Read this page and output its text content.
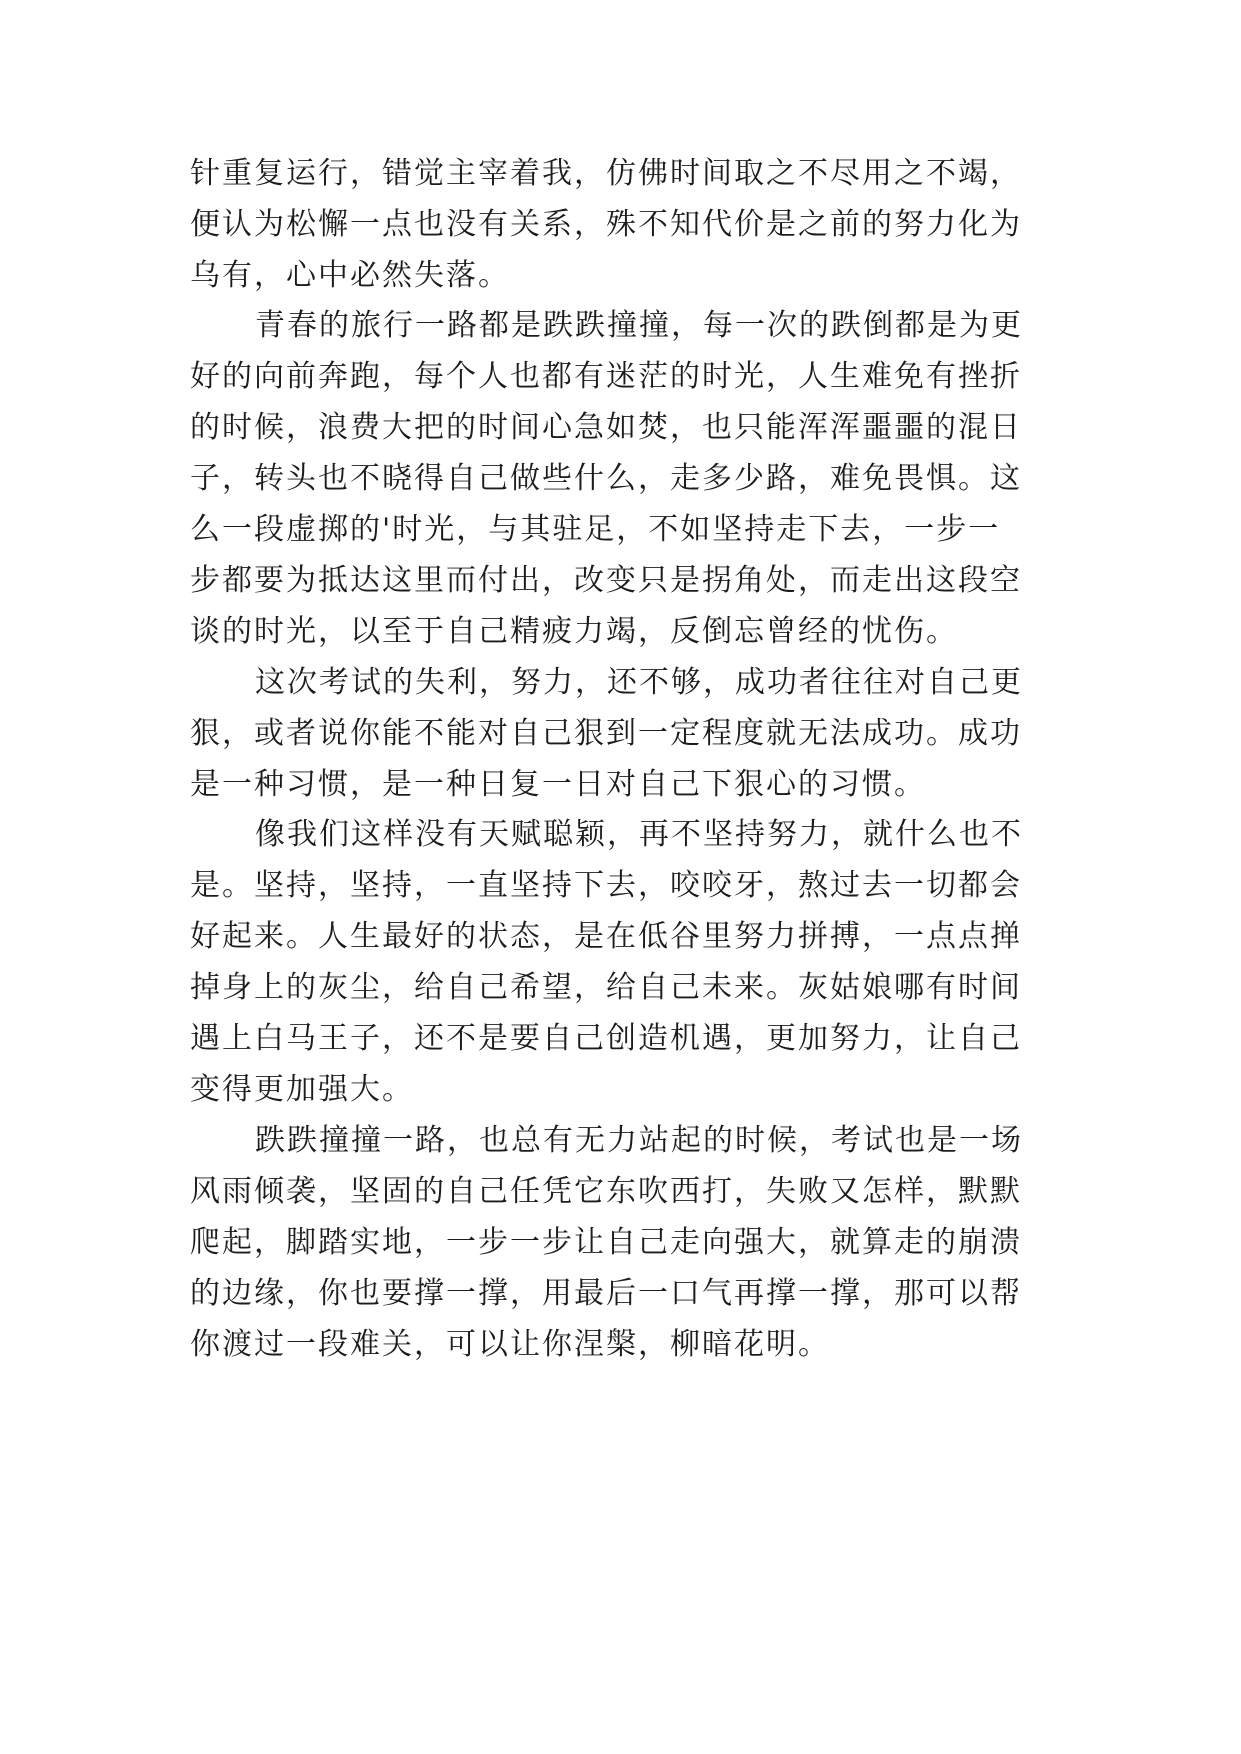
针重复运行，错觉主宰着我，仿佛时间取之不尽用之不竭，

便认为松懈一点也没有关系，殊不知代价是之前的努力化为

乌有，心中必然失落。

青春的旅行一路都是跌跌撞撞，每一次的跌倒都是为更

好的向前奔跑，每个人也都有迷茫的时光，人生难免有挫折

的时候，浪费大把的时间心急如焚，也只能浑浑噩噩的混日

子，转头也不晓得自己做些什么，走多少路，难免畏惧。这

么一段虚掷的'时光，与其驻足，不如坚持走下去，一步一

步都要为抵达这里而付出，改变只是拐角处，而走出这段空

谈的时光，以至于自己精疲力竭，反倒忘曾经的忧伤。

这次考试的失利，努力，还不够，成功者往往对自己更

狠，或者说你能不能对自己狠到一定程度就无法成功。成功

是一种习惯，是一种日复一日对自己下狠心的习惯。

像我们这样没有天赋聪颖，再不坚持努力，就什么也不

是。坚持，坚持，一直坚持下去，咬咬牙，熬过去一切都会

好起来。人生最好的状态，是在低谷里努力拼搏，一点点掸

掉身上的灰尘，给自己希望，给自己未来。灰姑娘哪有时间

遇上白马王子，还不是要自己创造机遇，更加努力，让自己

变得更加强大。

跌跌撞撞一路，也总有无力站起的时候，考试也是一场

风雨倾袭，坚固的自己任凭它东吹西打，失败又怎样，默默

爬起，脚踏实地，一步一步让自己走向强大，就算走的崩溃

的边缘，你也要撑一撑，用最后一口气再撑一撑，那可以帮

你渡过一段难关，可以让你涅槃，柳暗花明。
